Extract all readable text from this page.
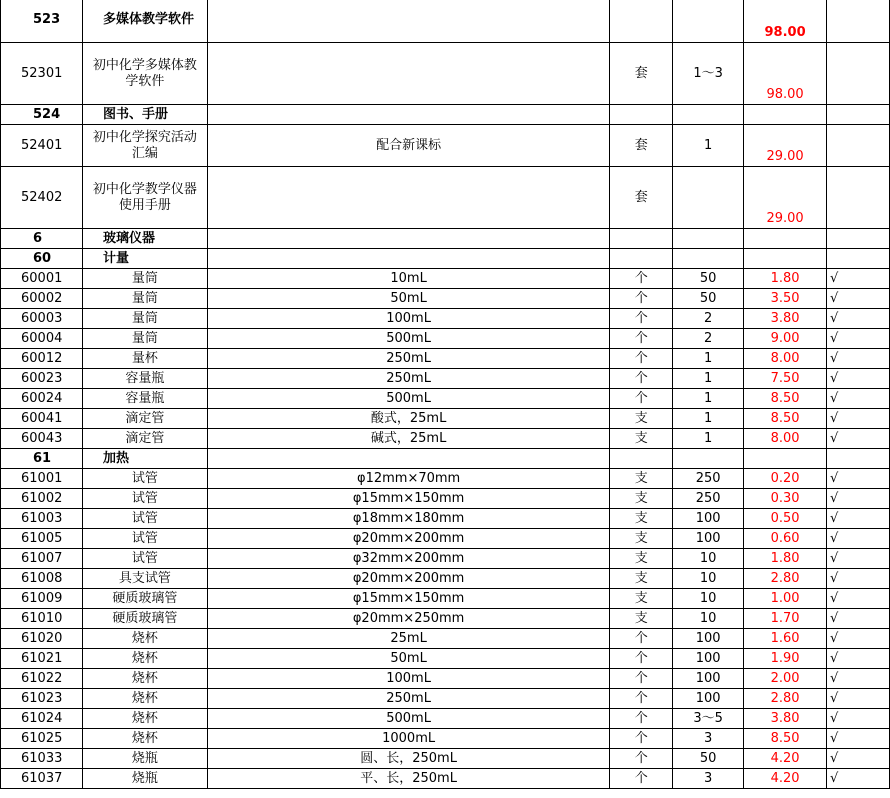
523	多媒体教学软件				98.00	
52301	初中化学多媒体教学软件		套	1～3	98.00	
524	图书、手册					
52401	初中化学探究活动汇编	配合新课标	套	1	29.00	
52402	初中化学教学仪器使用手册		套		29.00	
6	玻璃仪器					
60	计量					
60001	量筒	10mL	个	50	1.80	√
60002	量筒	50mL	个	50	3.50	√
60003	量筒	100mL	个	2	3.80	√
60004	量筒	500mL	个	2	9.00	√
60012	量杯	250mL	个	1	8.00	√
60023	容量瓶	250mL	个	1	7.50	√
60024	容量瓶	500mL	个	1	8.50	√
60041	滴定管	酸式，25mL	支	1	8.50	√
60043	滴定管	碱式，25mL	支	1	8.00	√
61	加热					
61001	试管	φ12mm×70mm	支	250	0.20	√
61002	试管	φ15mm×150mm	支	250	0.30	√
61003	试管	φ18mm×180mm	支	100	0.50	√
61005	试管	φ20mm×200mm	支	100	0.60	√
61007	试管	φ32mm×200mm	支	10	1.80	√
61008	具支试管	φ20mm×200mm	支	10	2.80	√
61009	硬质玻璃管	φ15mm×150mm	支	10	1.00	√
61010	硬质玻璃管	φ20mm×250mm	支	10	1.70	√
61020	烧杯	25mL	个	100	1.60	√
61021	烧杯	50mL	个	100	1.90	√
61022	烧杯	100mL	个	100	2.00	√
61023	烧杯	250mL	个	100	2.80	√
61024	烧杯	500mL	个	3～5	3.80	√
61025	烧杯	1000mL	个	3	8.50	√
61033	烧瓶	圆、长，250mL	个	50	4.20	√
61037	烧瓶	平、长，250mL	个	3	4.20	√
